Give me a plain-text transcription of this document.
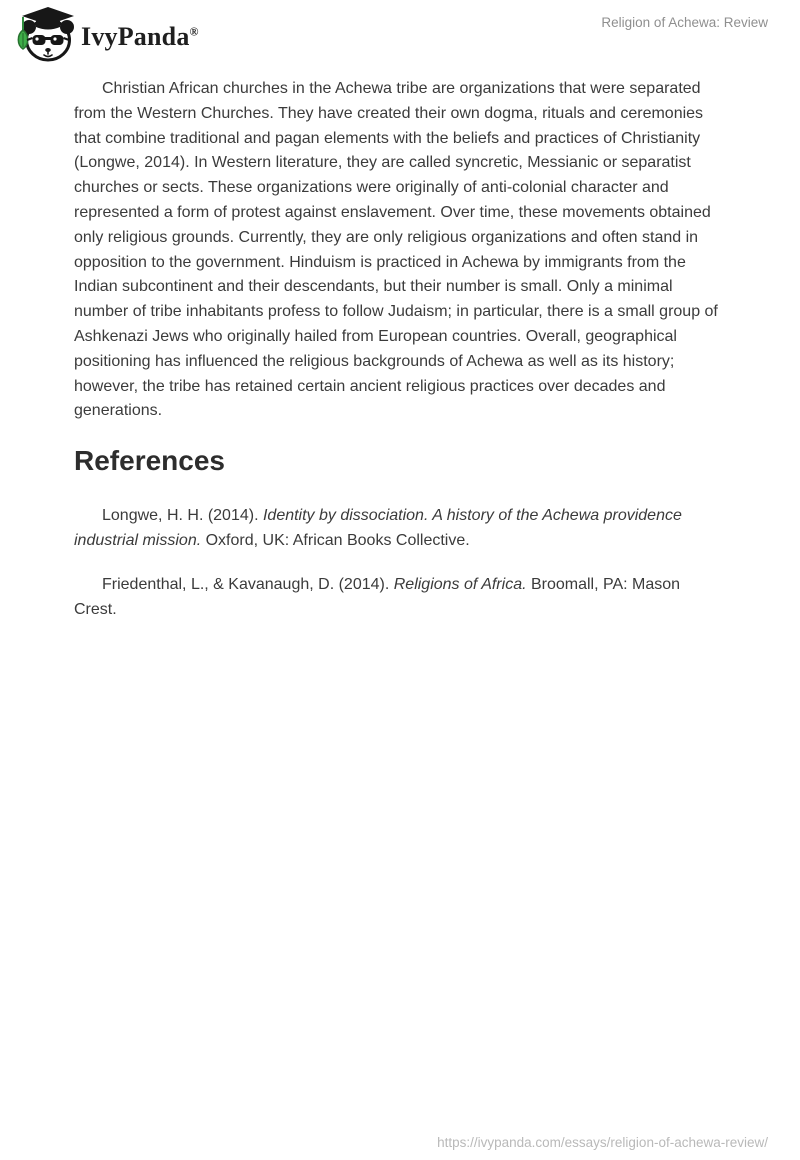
IvyPanda®
Religion of Achewa: Review

Christian African churches in the Achewa tribe are organizations that were separated from the Western Churches. They have created their own dogma, rituals and ceremonies that combine traditional and pagan elements with the beliefs and practices of Christianity (Longwe, 2014). In Western literature, they are called syncretic, Messianic or separatist churches or sects. These organizations were originally of anti-colonial character and represented a form of protest against enslavement. Over time, these movements obtained only religious grounds. Currently, they are only religious organizations and often stand in opposition to the government. Hinduism is practiced in Achewa by immigrants from the Indian subcontinent and their descendants, but their number is small. Only a minimal number of tribe inhabitants profess to follow Judaism; in particular, there is a small group of Ashkenazi Jews who originally hailed from European countries. Overall, geographical positioning has influenced the religious backgrounds of Achewa as well as its history; however, the tribe has retained certain ancient religious practices over decades and generations.

References

Longwe, H. H. (2014). Identity by dissociation. A history of the Achewa providence industrial mission. Oxford, UK: African Books Collective.

Friedenthal, L., & Kavanaugh, D. (2014). Religions of Africa. Broomall, PA: Mason Crest.

https://ivypanda.com/essays/religion-of-achewa-review/
